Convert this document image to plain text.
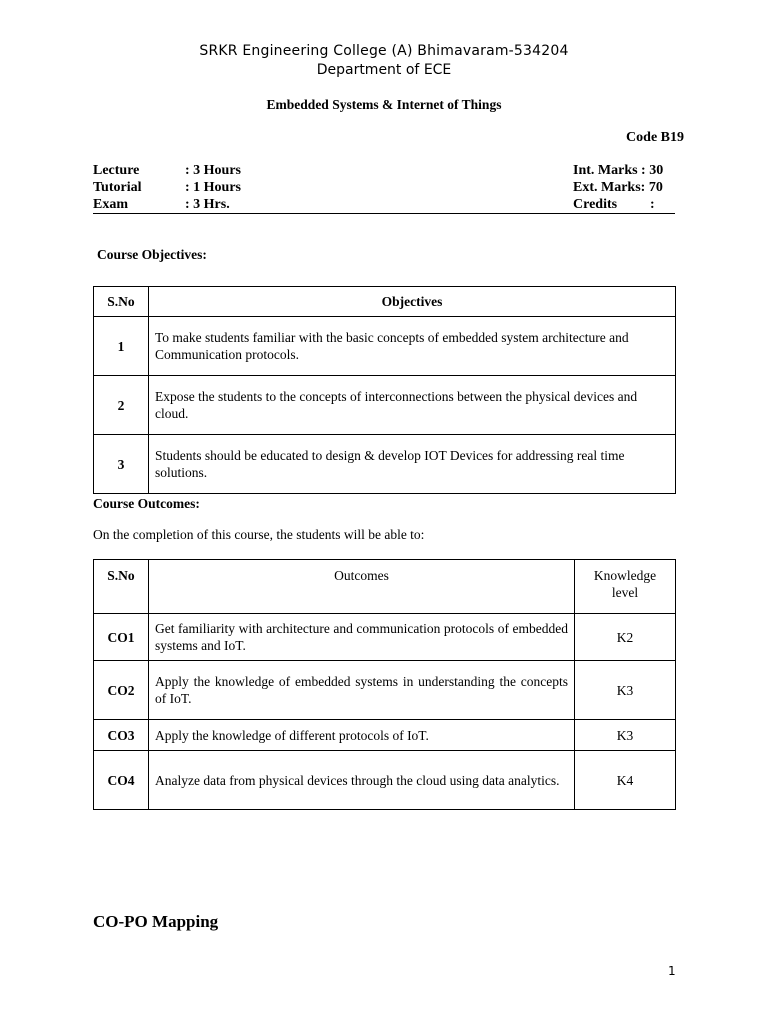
SRKR Engineering College (A) Bhimavaram-534204
Department of ECE
Embedded Systems & Internet of Things
Code B19
Lecture	: 3 Hours	Int. Marks : 30
Tutorial	: 1 Hours	Ext. Marks: 70
Exam	: 3 Hrs.	Credits :
Course Objectives:
S.No	Objectives
1	To make students familiar with the basic concepts of embedded system architecture and Communication protocols.
2	Expose the students to the concepts of interconnections between the physical devices and cloud.
3	Students should be educated to design & develop IOT Devices for addressing real time solutions.
Course Outcomes:
On the completion of this course, the students will be able to:
S.No	Outcomes	Knowledge level
CO1	Get familiarity with architecture and communication protocols of embedded systems and IoT.	K2
CO2	Apply the knowledge of embedded systems in understanding the concepts of IoT.	K3
CO3	Apply the knowledge of different protocols of IoT.	K3
CO4	Analyze data from physical devices through the cloud using data analytics.	K4
CO-PO Mapping
1
